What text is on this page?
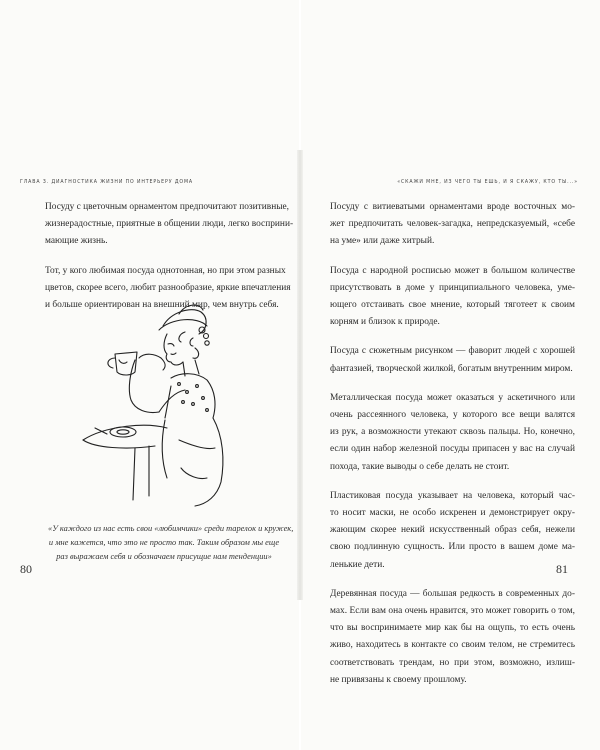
ГЛАВА 3. ДИАГНОСТИКА ЖИЗНИ ПО ИНТЕРЬЕРУ ДОМА	«СКАЖИ МНЕ, ИЗ ЧЕГО ТЫ ЕШЬ, И Я СКАЖУ, КТО ТЫ...»
Посуду с цветочным орнаментом предпочитают позитивные,
жизнерадостные, приятные в общении люди, легко восприни-
мающие жизнь.
Тот, у кого любимая посуда однотонная, но при этом разных
цветов, скорее всего, любит разнообразие, яркие впечатления
и больше ориентирован на внешний мир, чем внутрь себя.
«У каждого из нас есть свои «любимчики» среди тарелок и кружек,
и мне кажется, что это не просто так. Таким образом мы еще
раз выражаем себя и обозначаем присущие нам тенденции»
Посуду с витиеватыми орнаментами вроде восточных мо-
жет предпочитать человек-загадка, непредсказуемый, «себе
на уме» или даже хитрый.
Посуда с народной росписью может в большом количестве
присутствовать в доме у принципиального человека, уме-
ющего отстаивать свое мнение, который тяготеет к своим
корням и близок к природе.
Посуда с сюжетным рисунком — фаворит людей с хорошей
фантазией, творческой жилкой, богатым внутренним миром.
Металлическая посуда может оказаться у аскетичного или
очень рассеянного человека, у которого все вещи валятся
из рук, а возможности утекают сквозь пальцы. Но, конечно,
если один набор железной посуды припасен у вас на случай
похода, такие выводы о себе делать не стоит.
Пластиковая посуда указывает на человека, который час-
то носит маски, не особо искренен и демонстрирует окру-
жающим скорее некий искусственный образ себя, нежели
свою подлинную сущность. Или просто в вашем доме ма-
ленькие дети.
Деревянная посуда — большая редкость в современных до-
мах. Если вам она очень нравится, это может говорить о том,
что вы воспринимаете мир как бы на ощупь, то есть очень
живо, находитесь в контакте со своим телом, не стремитесь
соответствовать трендам, но при этом, возможно, излиш-
не привязаны к своему прошлому.
80	81
